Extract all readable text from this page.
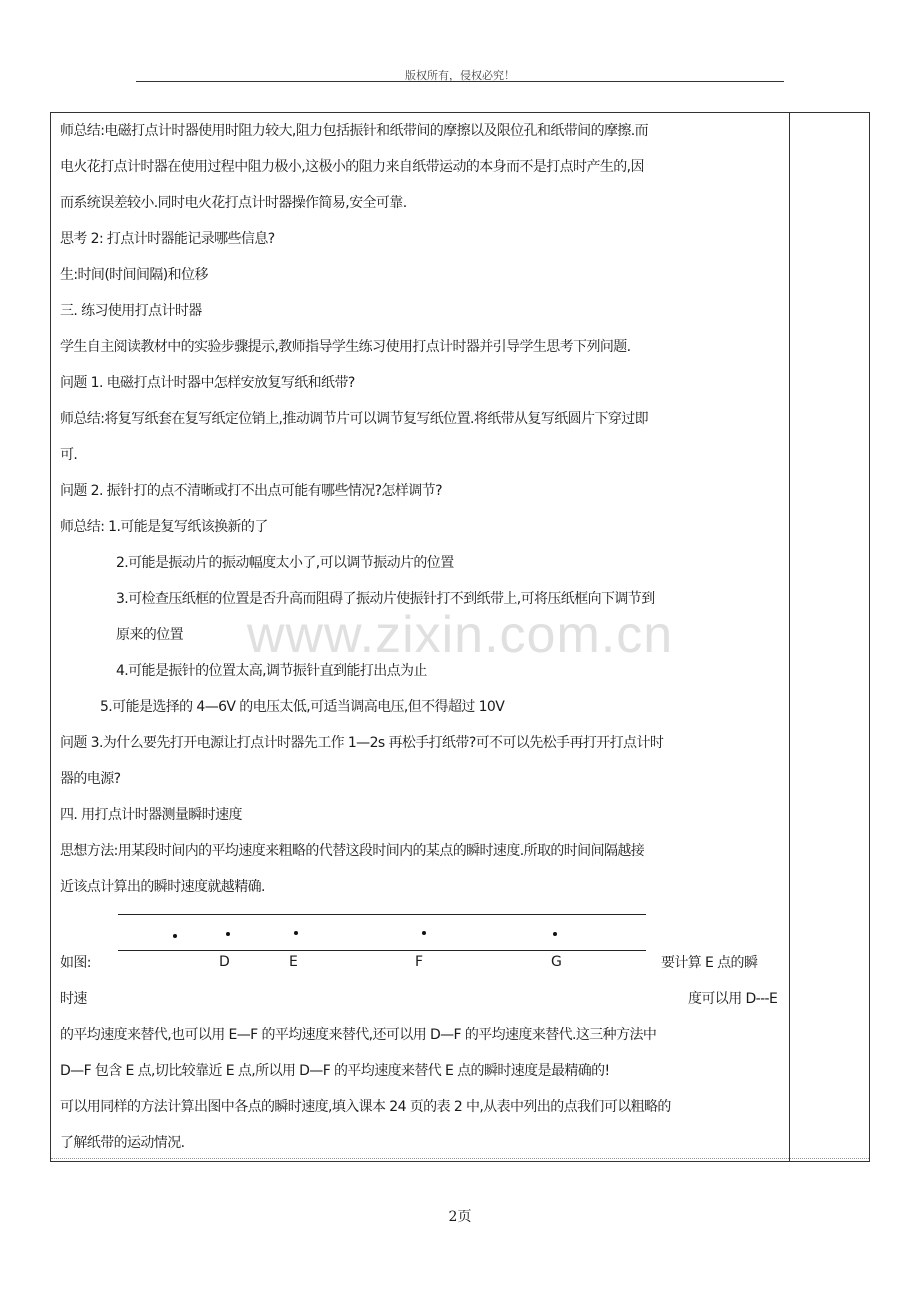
版权所有，侵权必究！
www.zixin.com.cn
师总结:电磁打点计时器使用时阻力较大,阻力包括振针和纸带间的摩擦以及限位孔和纸带间的摩擦.而
电火花打点计时器在使用过程中阻力极小,这极小的阻力来自纸带运动的本身而不是打点时产生的,因
而系统误差较小.同时电火花打点计时器操作简易,安全可靠.
思考 2: 打点计时器能记录哪些信息?
生:时间(时间间隔)和位移
三. 练习使用打点计时器
学生自主阅读教材中的实验步骤提示,教师指导学生练习使用打点计时器并引导学生思考下列问题.
问题 1. 电磁打点计时器中怎样安放复写纸和纸带?
师总结:将复写纸套在复写纸定位销上,推动调节片可以调节复写纸位置.将纸带从复写纸圆片下穿过即
可.
问题 2. 振针打的点不清晰或打不出点可能有哪些情况?怎样调节?
师总结: 1.可能是复写纸该换新的了
2.可能是振动片的振动幅度太小了,可以调节振动片的位置
3.可检查压纸框的位置是否升高而阻碍了振动片使振针打不到纸带上,可将压纸框向下调节到
原来的位置
4.可能是振针的位置太高,调节振针直到能打出点为止
5.可能是选择的 4—6V 的电压太低,可适当调高电压,但不得超过 10V
问题 3.为什么要先打开电源让打点计时器先工作 1—2s 再松手打纸带?可不可以先松手再打开打点计时
器的电源?
四. 用打点计时器测量瞬时速度
思想方法:用某段时间内的平均速度来粗略的代替这段时间内的某点的瞬时速度.所取的时间间隔越接
近该点计算出的瞬时速度就越精确.
如图:	D	E	F	G	要计算 E 点的瞬
时速	度可以用 D---E
的平均速度来替代,也可以用 E—F 的平均速度来替代,还可以用 D—F 的平均速度来替代.这三种方法中
D—F 包含 E 点,切比较靠近 E 点,所以用 D—F 的平均速度来替代 E 点的瞬时速度是最精确的!
可以用同样的方法计算出图中各点的瞬时速度,填入课本 24 页的表 2 中,从表中列出的点我们可以粗略的
了解纸带的运动情况.
2页
